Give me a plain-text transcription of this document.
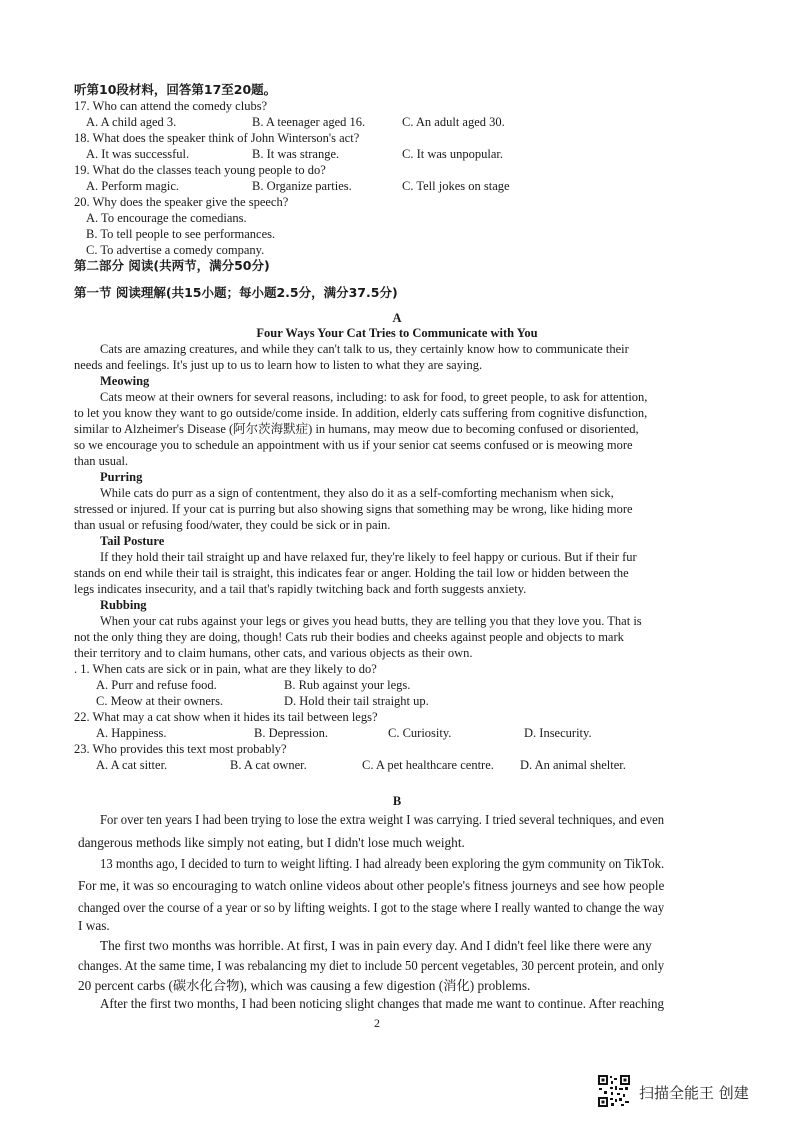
听第10段材料，回答第17至20题。
17. Who can attend the comedy clubs?
A. A child aged 3.	B. A teenager aged 16.	C. An adult aged 30.
18. What does the speaker think of John Winterson's act?
A. It was successful.	B. It was strange.	C. It was unpopular.
19. What do the classes teach young people to do?
A. Perform magic.	B. Organize parties.	C. Tell jokes on stage
20. Why does the speaker give the speech?
A. To encourage the comedians.
B. To tell people to see performances.
C. To advertise a comedy company.
第二部分 阅读(共两节，满分50分)
第一节 阅读理解(共15小题；每小题2.5分，满分37.5分)
A
Four Ways Your Cat Tries to Communicate with You
Cats are amazing creatures, and while they can't talk to us, they certainly know how to communicate their
needs and feelings. It's just up to us to learn how to listen to what they are saying.
Meowing
Cats meow at their owners for several reasons, including: to ask for food, to greet people, to ask for attention,
to let you know they want to go outside/come inside. In addition, elderly cats suffering from cognitive disfunction,
similar to Alzheimer's Disease (阿尔茨海默症) in humans, may meow due to becoming confused or disoriented,
so we encourage you to schedule an appointment with us if your senior cat seems confused or is meowing more
than usual.
Purring
While cats do purr as a sign of contentment, they also do it as a self-comforting mechanism when sick,
stressed or injured. If your cat is purring but also showing signs that something may be wrong, like hiding more
than usual or refusing food/water, they could be sick or in pain.
Tail Posture
If they hold their tail straight up and have relaxed fur, they're likely to feel happy or curious. But if their fur
stands on end while their tail is straight, this indicates fear or anger. Holding the tail low or hidden between the
legs indicates insecurity, and a tail that's rapidly twitching back and forth suggests anxiety.
Rubbing
When your cat rubs against your legs or gives you head butts, they are telling you that they love you. That is
not the only thing they are doing, though! Cats rub their bodies and cheeks against people and objects to mark
their territory and to claim humans, other cats, and various objects as their own.
. 1. When cats are sick or in pain, what are they likely to do?
A. Purr and refuse food.	B. Rub against your legs.
C. Meow at their owners.	D. Hold their tail straight up.
22. What may a cat show when it hides its tail between legs?
A. Happiness.	B. Depression.	C. Curiosity.	D. Insecurity.
23. Who provides this text most probably?
A. A cat sitter.	B. A cat owner.	C. A pet healthcare centre. D. An animal shelter.
B
For over ten years I had been trying to lose the extra weight I was carrying. I tried several techniques, and even
dangerous methods like simply not eating, but I didn't lose much weight.
13 months ago, I decided to turn to weight lifting. I had already been exploring the gym community on TikTok.
For me, it was so encouraging to watch online videos about other people's fitness journeys and see how people
changed over the course of a year or so by lifting weights. I got to the stage where I really wanted to change the way
I was.
The first two months was horrible. At first, I was in pain every day. And I didn't feel like there were any
changes. At the same time, I was rebalancing my diet to include 50 percent vegetables, 30 percent protein, and only
20 percent carbs (碳水化合物), which was causing a few digestion (消化) problems.
After the first two months, I had been noticing slight changes that made me want to continue. After reaching
2
扫描全能王 创建
